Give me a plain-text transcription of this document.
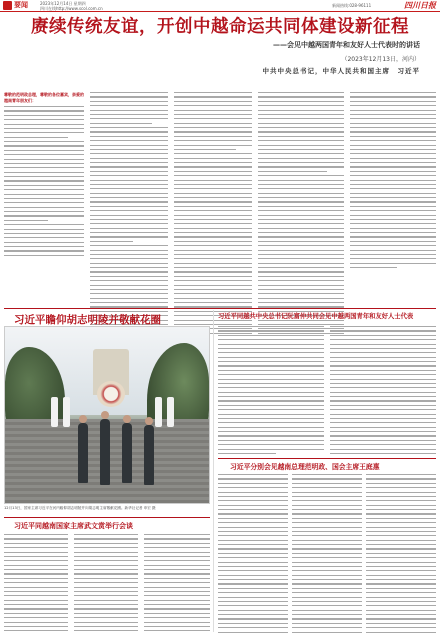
要闻	2023年12月14日 星期四
四川在线http://www.scol.com.cn
新闻热线:028-96111	四川日报
赓续传统友谊，开创中越命运共同体建设新征程
——会见中越两国青年和友好人士代表时的讲话
（2023年12月13日，河内）
中共中央总书记，中华人民共和国主席　习近平
尊敬的范明政总理，尊敬的各位嘉宾，亲爱的越南青年朋友们：
习近平瞻仰胡志明陵并敬献花圈
12月13日，国家主席习近平在河内瞻仰胡志明陵并向胡志明主席敬献花圈。新华社记者 申宏 摄
习近平同越共中央总书记阮富仲共同会见中越两国青年和友好人士代表
习近平分别会见越南总理范明政、国会主席王庭惠
习近平同越南国家主席武文赏举行会谈
